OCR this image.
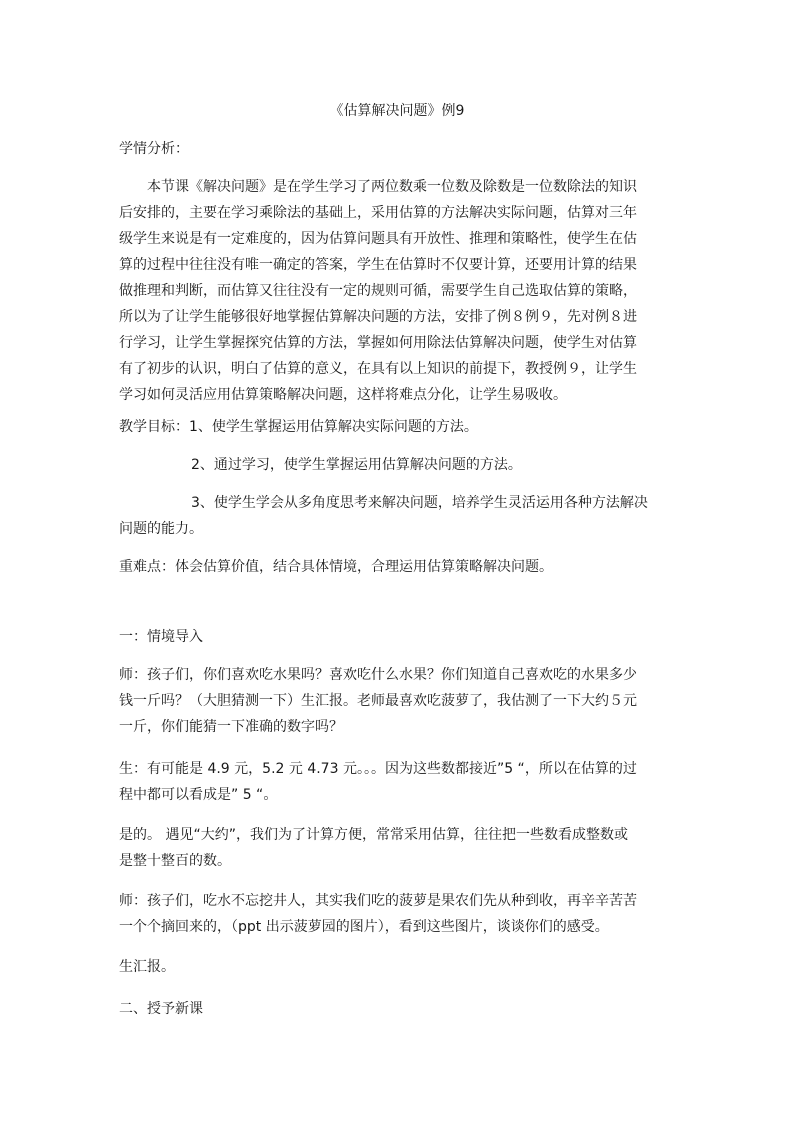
《估算解决问题》例9

学情分析：

本节课《解决问题》是在学生学习了两位数乘一位数及除数是一位数除法的知识
后安排的，主要在学习乘除法的基础上，采用估算的方法解决实际问题，估算对三年
级学生来说是有一定难度的，因为估算问题具有开放性、推理和策略性，使学生在估
算的过程中往往没有唯一确定的答案，学生在估算时不仅要计算，还要用计算的结果
做推理和判断，而估算又往往没有一定的规则可循，需要学生自己选取估算的策略，
所以为了让学生能够很好地掌握估算解决问题的方法，安排了例８例９，先对例８进
行学习，让学生掌握探究估算的方法，掌握如何用除法估算解决问题，使学生对估算
有了初步的认识，明白了估算的意义，在具有以上知识的前提下，教授例９，让学生
学习如何灵活应用估算策略解决问题，这样将难点分化，让学生易吸收。

教学目标：1、使学生掌握运用估算解决实际问题的方法。

2、通过学习，使学生掌握运用估算解决问题的方法。

3、使学生学会从多角度思考来解决问题，培养学生灵活运用各种方法解决
问题的能力。

重难点：体会估算价值，结合具体情境，合理运用估算策略解决问题。

一：情境导入

师：孩子们，你们喜欢吃水果吗？喜欢吃什么水果？你们知道自己喜欢吃的水果多少
钱一斤吗？（大胆猜测一下）生汇报。老师最喜欢吃菠萝了，我估测了一下大约５元
一斤，你们能猜一下准确的数字吗？
生：有可能是 4.9 元，5.2 元 4.73 元。。。因为这些数都接近”5 “，所以在估算的过
程中都可以看成是” 5 “。
是的。 遇见“大约”，我们为了计算方便，常常采用估算，往往把一些数看成整数或
是整十整百的数。
师：孩子们，吃水不忘挖井人，其实我们吃的菠萝是果农们先从种到收，再辛辛苦苦
一个个摘回来的，（ppt 出示菠萝园的图片），看到这些图片，谈谈你们的感受。

生汇报。

二、授予新课
